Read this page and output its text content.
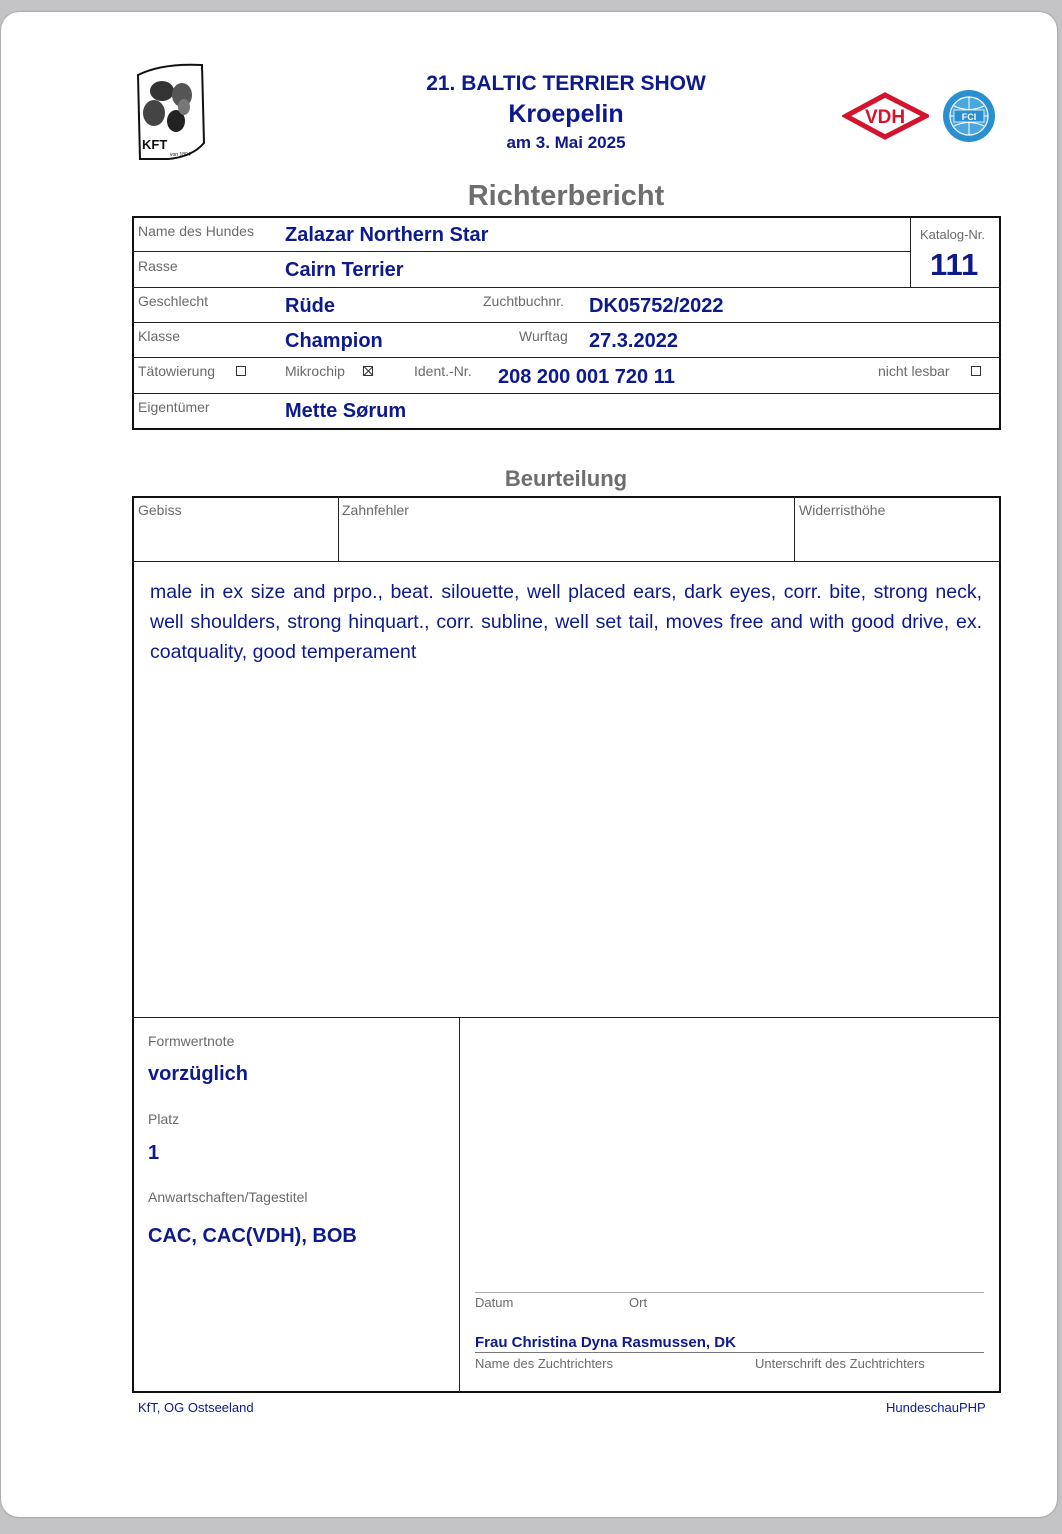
KFT
von 1894
VDH	FCI
21. BALTIC TERRIER SHOW
Kroepelin
am 3. Mai 2025
Richterbericht
Name des Hundes Zalazar Northern Star	Katalog-Nr.
111
Rasse	Cairn Terrier
Geschlecht	Rüde	Zuchtbuchnr. DK05752/2022
Klasse	Champion	Wurftag 27.3.2022
Tätowierung	Mikrochip	Ident.-Nr. 208 200 001 720 11	nicht lesbar
Eigentümer	Mette Sørum
Beurteilung
Gebiss	Zahnfehler	Widerristhöhe
male in ex size and prpo., beat. silouette, well placed ears, dark eyes, corr. bite, strong neck, well shoulders, strong hinquart., corr. subline, well set tail, moves free and with good drive, ex. coatquality, good temperament
Formwertnote
vorzüglich
Platz
1
Anwartschaften/Tagestitel
CAC, CAC(VDH), BOB
Datum	Ort
Frau Christina Dyna Rasmussen, DK
Name des Zuchtrichters	Unterschrift des Zuchtrichters
KfT, OG Ostseeland	HundeschauPHP
